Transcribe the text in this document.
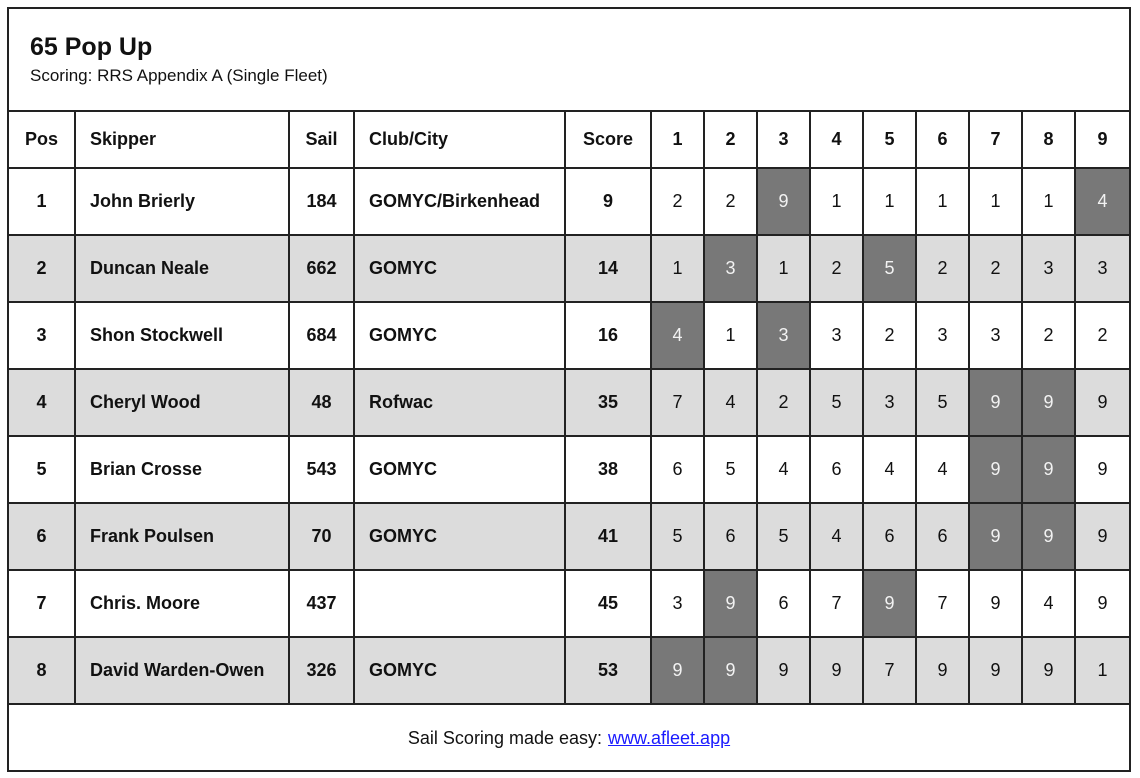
65 Pop Up
Scoring: RRS Appendix A (Single Fleet)
Pos	Skipper	Sail	Club/City	Score	1	2	3	4	5	6	7	8	9
1	John Brierly	184	GOMYC/Birkenhead	9	2	2	9	1	1	1	1	1	4
2	Duncan Neale	662	GOMYC	14	1	3	1	2	5	2	2	3	3
3	Shon Stockwell	684	GOMYC	16	4	1	3	3	2	3	3	2	2
4	Cheryl Wood	48	Rofwac	35	7	4	2	5	3	5	9	9	9
5	Brian Crosse	543	GOMYC	38	6	5	4	6	4	4	9	9	9
6	Frank Poulsen	70	GOMYC	41	5	6	5	4	6	6	9	9	9
7	Chris. Moore	437		45	3	9	6	7	9	7	9	4	9
8	David Warden-Owen	326	GOMYC	53	9	9	9	9	7	9	9	9	1
Sail Scoring made easy: www.afleet.app
